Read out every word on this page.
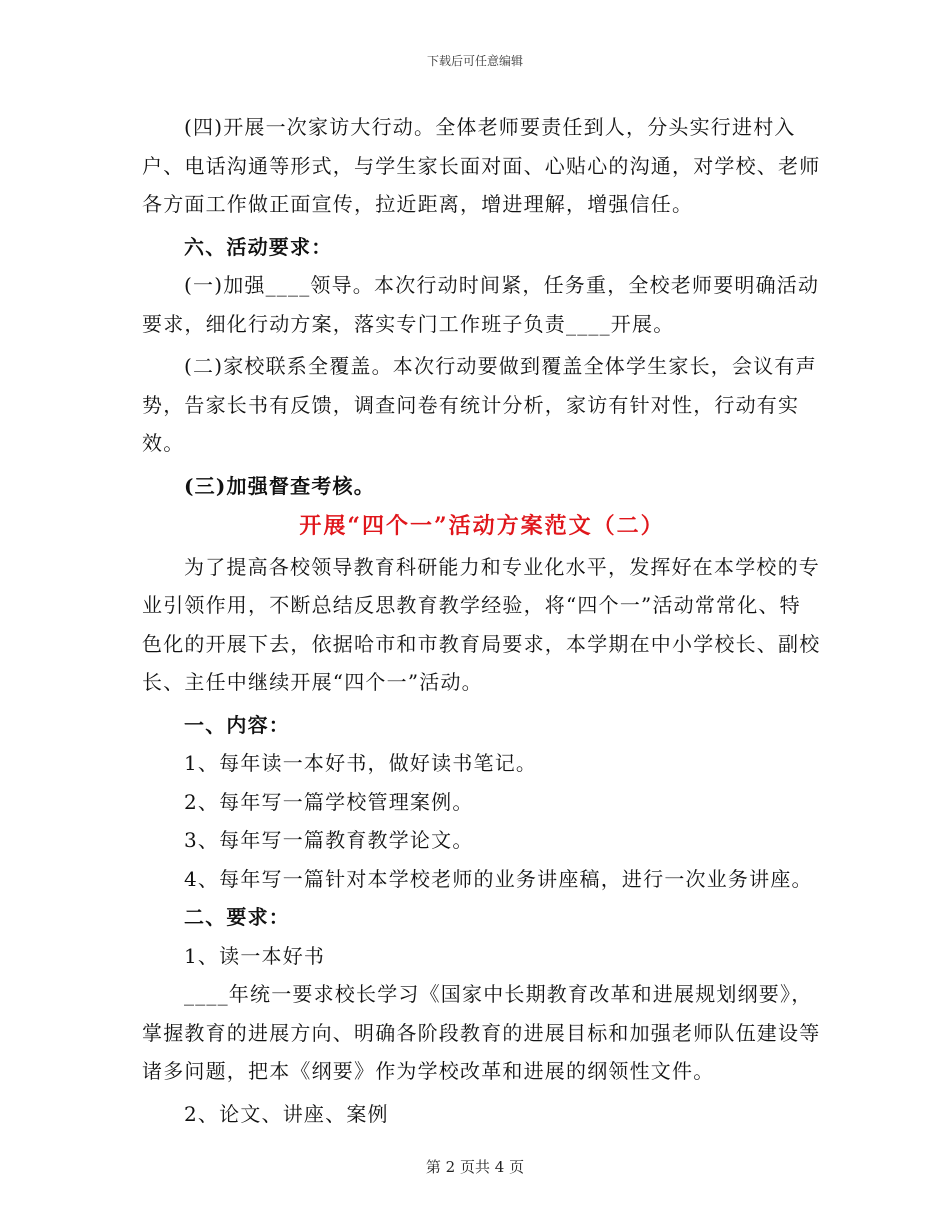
下载后可任意编辑

(四)开展一次家访大行动。全体老师要责任到人，分头实行进村入户、电话沟通等形式，与学生家长面对面、心贴心的沟通，对学校、老师各方面工作做正面宣传，拉近距离，增进理解，增强信任。

六、活动要求：

(一)加强____领导。本次行动时间紧，任务重，全校老师要明确活动要求，细化行动方案，落实专门工作班子负责____开展。

(二)家校联系全覆盖。本次行动要做到覆盖全体学生家长，会议有声势，告家长书有反馈，调查问卷有统计分析，家访有针对性，行动有实效。

(三)加强督查考核。

开展“四个一”活动方案范文（二）

为了提高各校领导教育科研能力和专业化水平，发挥好在本学校的专业引领作用，不断总结反思教育教学经验，将“四个一”活动常常化、特色化的开展下去，依据哈市和市教育局要求，本学期在中小学校长、副校长、主任中继续开展“四个一”活动。

一、内容：

1、每年读一本好书，做好读书笔记。

2、每年写一篇学校管理案例。

3、每年写一篇教育教学论文。

4、每年写一篇针对本学校老师的业务讲座稿，进行一次业务讲座。

二、要求：

1、读一本好书

____年统一要求校长学习《国家中长期教育改革和进展规划纲要》，掌握教育的进展方向、明确各阶段教育的进展目标和加强老师队伍建设等诸多问题，把本《纲要》作为学校改革和进展的纲领性文件。

2、论文、讲座、案例

第 2 页共 4 页
